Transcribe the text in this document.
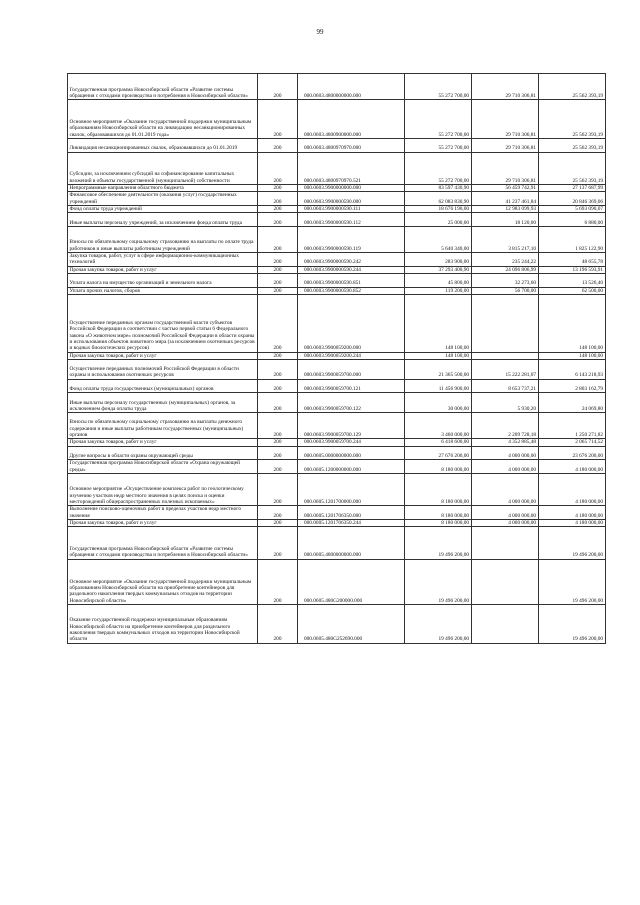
99
Государственная программа Новосибирской области «Развитие системы обращения с отходами производства и потребления в Новосибирской области»	200	000.0603.4800000000.000	55 272 700,00	29 710 306,81	25 562 393,19
Основное мероприятие «Оказание государственной поддержки муниципальным образованиям Новосибирской области на ликвидацию несанкционированных свалок, образовавшихся до 01.01.2019 года»	200	000.0603.4800900000.000	55 272 700,00	29 710 306,81	25 562 393,19
Ликвидация несанкционированных свалок, образовавшихся до 01.01.2019	200	000.0603.4800970970.000	55 272 700,00	29 710 306,81	25 562 393,19
Субсидии, за исключением субсидий на софинансирование капитальных вложений в объекты государственной (муниципальной) собственности	200	000.0603.4800970970.521	55 272 700,00	29 710 306,81	25 562 393,19
Непрограммные направления областного бюджета	200	000.0603.9900000000.000	83 597 430,90	56 459 742,91	27 137 687,99
Финансовое обеспечение деятельности (оказания услуг) государственных учреждений	200	000.0603.9900000590.000	62 083 830,90	41 237 461,84	20 846 369,06
Фонд оплаты труда учреждений	200	000.0603.9900000590.111	18 676 190,00	12 983 099,93	5 693 090,07
Иные выплаты персоналу учреждений, за исключением фонда оплаты труда	200	000.0603.9900000590.112	25 000,00	18 120,00	6 880,00
Взносы по обязательному социальному страхованию на выплаты по оплате труда работников и иные выплаты работникам учреждений	200	000.0603.9900000590.119	5 640 340,00	3 815 217,10	1 825 122,90
Закупка товаров, работ, услуг в сфере информационно-коммуникационных технологий	200	000.0603.9900000590.242	283 900,00	235 244,22	48 655,78
Прочая закупка товаров, работ и услуг	200	000.0603.9900000590.244	37 293 400,90	24 096 806,99	13 196 593,91
Уплата налога на имущество организаций и земельного налога	200	000.0603.9900000590.851	45 800,00	32 273,60	13 526,40
Уплата прочих налогов, сборов	200	000.0603.9900000590.852	119 200,00	56 700,00	62 500,00
Осуществление переданных органам государственной власти субъектов Российской Федерации в соответствии с частью первой статьи 6 Федерального закона «О животном мире» полномочий Российской Федерации в области охраны и использования объектов животного мира (за исключением охотничьих ресурсов и водных биологических ресурсов)	200	000.0603.9900059200.000	148 100,00		148 100,00
Прочая закупка товаров, работ и услуг	200	000.0603.9900059200.244	148 100,00		148 100,00
Осуществление переданных полномочий Российской Федерации в области охраны и использования охотничьих ресурсов	200	000.0603.9900059700.000	21 365 500,00	15 222 281,07	6 143 218,93
Фонд оплаты труда государственных (муниципальных) органов	200	000.0603.9900059700.121	11 456 900,00	8 653 737,21	2 803 162,79
Иные выплаты персоналу государственных (муниципальных) органов, за исключением фонда оплаты труда	200	000.0603.9900059700.122	30 000,00	5 930,20	24 069,80
Взносы по обязательному социальному страхованию на выплаты денежного содержания и иные выплаты работникам государственных (муниципальных) органов	200	000.0603.9900059700.129	3 460 000,00	2 209 728,18	1 250 271,82
Прочая закупка товаров, работ и услуг	200	000.0603.9900059700.244	6 418 600,00	4 352 885,48	2 065 714,52
Другие вопросы в области охраны окружающей среды	200	000.0605.0000000000.000	27 676 200,00	4 000 000,00	23 676 200,00
Государственная программа Новосибирской области «Охрана окружающей среды»	200	000.0605.1200000000.000	8 180 000,00	4 000 000,00	4 180 000,00
Основное мероприятие «Осуществление комплекса работ по геологическому изучению участков недр местного значения в целях поиска и оценки месторождений общераспространенных полезных ископаемых»	200	000.0605.1201700000.000	8 180 000,00	4 000 000,00	4 180 000,00
Выполнение поисково-оценочных работ в пределах участков недр местного значения	200	000.0605.1201706350.000	8 180 000,00	4 000 000,00	4 180 000,00
Прочая закупка товаров, работ и услуг	200	000.0605.1201706350.244	8 180 000,00	4 000 000,00	4 180 000,00
Государственная программа Новосибирской области «Развитие системы обращения с отходами производства и потребления в Новосибирской области»	200	000.0605.4800000000.000	19 496 200,00		19 496 200,00
Основное мероприятие «Оказание государственной поддержки муниципальным образованиям Новосибирской области на приобретение контейнеров для раздельного накопления твердых коммунальных отходов на территории Новосибирской области»	200	000.0605.480G200000.000	19 496 200,00		19 496 200,00
Оказание государственной поддержки муниципальным образованиям Новосибирской области на приобретение контейнеров для раздельного накопления твердых коммунальных отходов на территории Новосибирской области	200	000.0605.480G252690.000	19 496 200,00		19 496 200,00
